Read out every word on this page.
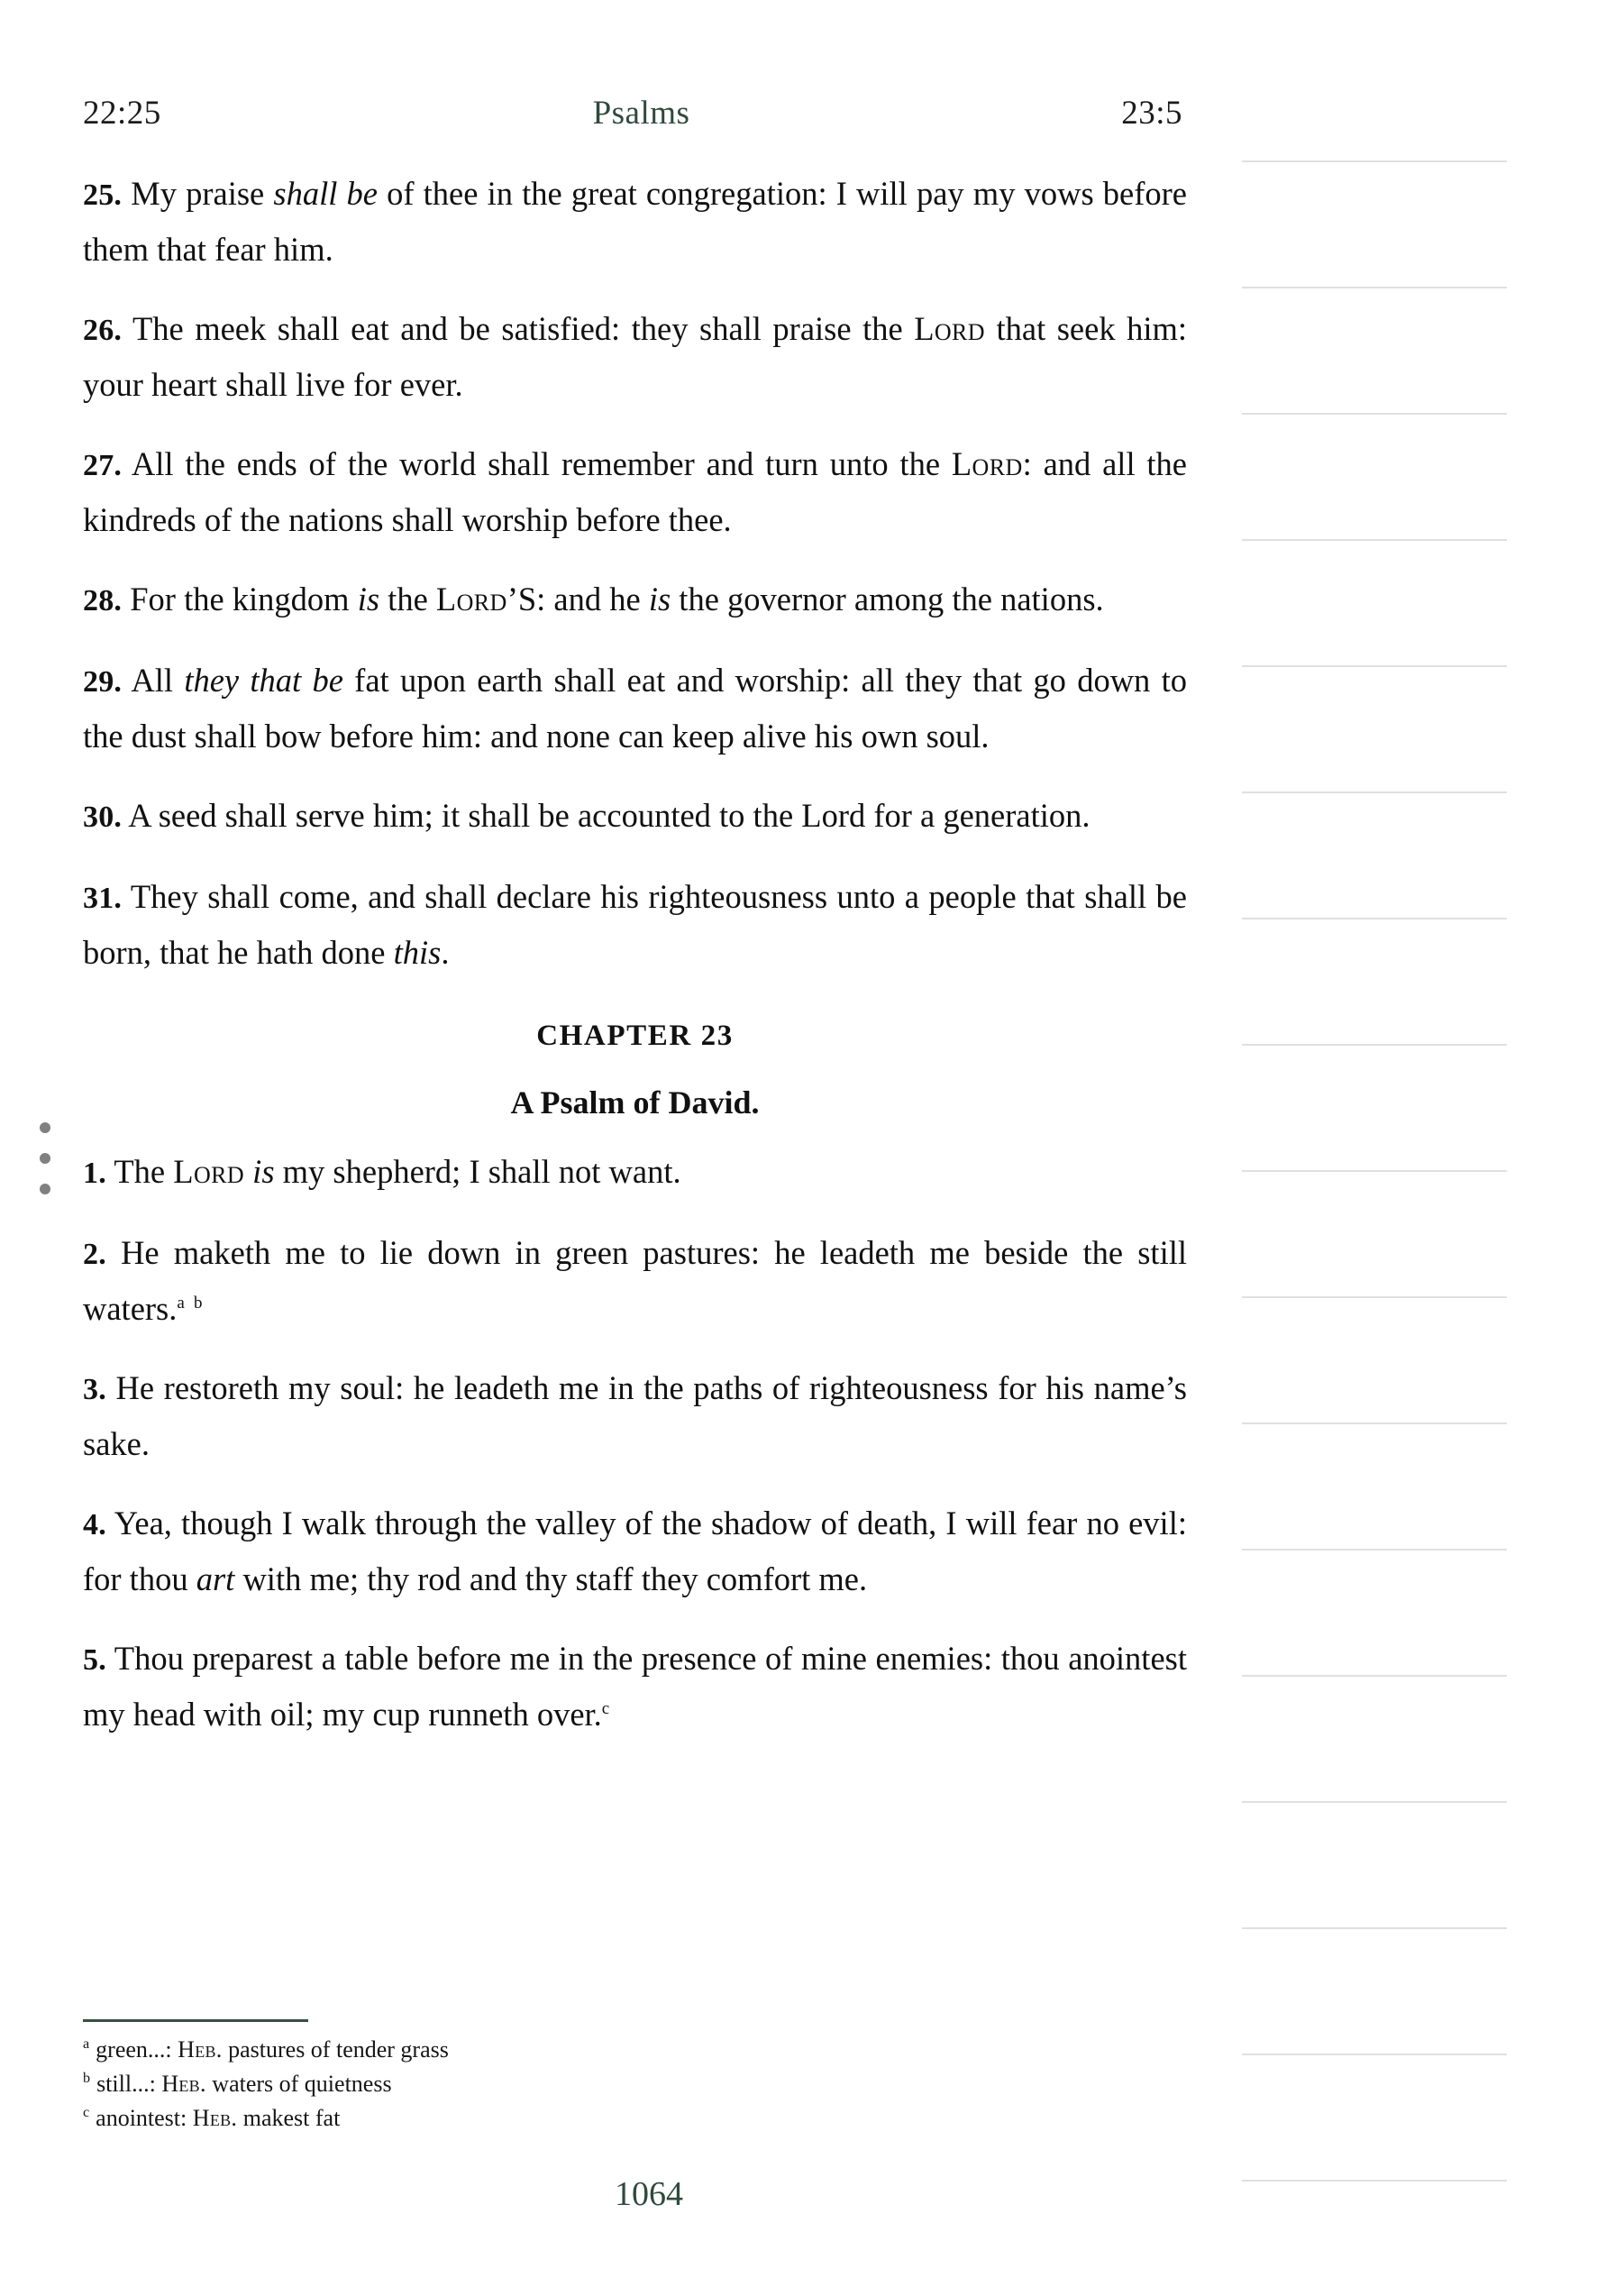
22:25	Psalms	23:5

25. My praise shall be of thee in the great congregation: I will pay my vows before them that fear him.

26. The meek shall eat and be satisfied: they shall praise the Lord that seek him: your heart shall live for ever.

27. All the ends of the world shall remember and turn unto the Lord: and all the kindreds of the nations shall worship before thee.

28. For the kingdom is the Lord’S: and he is the governor among the nations.

29. All they that be fat upon earth shall eat and worship: all they that go down to the dust shall bow before him: and none can keep alive his own soul.

30. A seed shall serve him; it shall be accounted to the Lord for a generation.

31. They shall come, and shall declare his righteousness unto a people that shall be born, that he hath done this.

CHAPTER 23
A Psalm of David.

1. The Lord is my shepherd; I shall not want.

2. He maketh me to lie down in green pastures: he leadeth me beside the still waters.$^a$ $^b$

3. He restoreth my soul: he leadeth me in the paths of righteousness for his name’s sake.

4. Yea, though I walk through the valley of the shadow of death, I will fear no evil: for thou art with me; thy rod and thy staff they comfort me.

5. Thou preparest a table before me in the presence of mine enemies: thou anointest my head with oil; my cup runneth over.$^c$

$^a$ green...: Heb. pastures of tender grass
$^b$ still...: Heb. waters of quietness
$^c$ anointest: Heb. makest fat
1064
